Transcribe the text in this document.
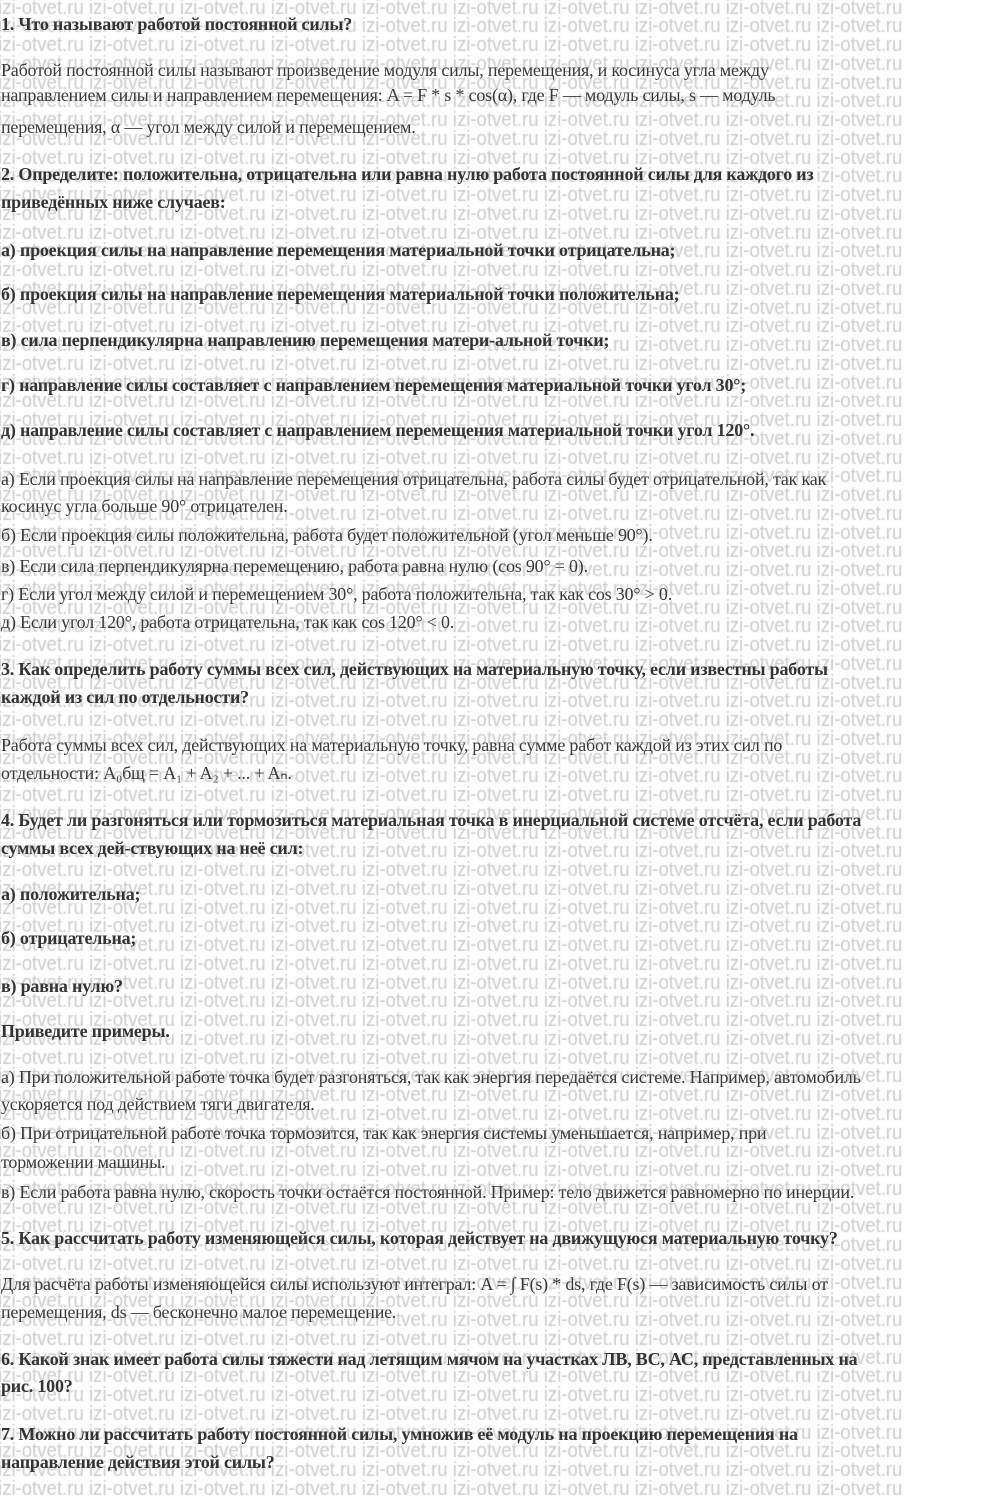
1. Что называют работой постоянной силы?
Работой постоянной силы называют произведение модуля силы, перемещения, и косинуса угла между
направлением силы и направлением перемещения: A = F * s * cos(α), где F — модуль силы, s — модуль
перемещения, α — угол между силой и перемещением.
2. Определите: положительна, отрицательна или равна нулю работа постоянной силы для каждого из
приведённых ниже случаев:
а) проекция силы на направление перемещения материальной точки отрицательна;
б) проекция силы на направление перемещения материальной точки положительна;
в) сила перпендикулярна направлению перемещения матери-альной точки;
г) направление силы составляет с направлением перемещения материальной точки угол 30°;
д) направление силы составляет с направлением перемещения материальной точки угол 120°.
а) Если проекция силы на направление перемещения отрицательна, работа силы будет отрицательной, так как
косинус угла больше 90° отрицателен.
б) Если проекция силы положительна, работа будет положительной (угол меньше 90°).
в) Если сила перпендикулярна перемещению, работа равна нулю (cos 90° = 0).
г) Если угол между силой и перемещением 30°, работа положительна, так как cos 30° > 0.
д) Если угол 120°, работа отрицательна, так как cos 120° < 0.
3. Как определить работу суммы всех сил, действующих на материальную точку, если известны работы
каждой из сил по отдельности?
Работа суммы всех сил, действующих на материальную точку, равна сумме работ каждой из этих сил по
отдельности: A₀бщ = A₁ + A₂ + ... + Aₙ.
4. Будет ли разгоняться или тормозиться материальная точка в инерциальной системе отсчёта, если работа
суммы всех дей-ствующих на неё сил:
а) положительна;
б) отрицательна;
в) равна нулю?
Приведите примеры.
а) При положительной работе точка будет разгоняться, так как энергия передаётся системе. Например, автомобиль
ускоряется под действием тяги двигателя.
б) При отрицательной работе точка тормозится, так как энергия системы уменьшается, например, при
торможении машины.
в) Если работа равна нулю, скорость точки остаётся постоянной. Пример: тело движется равномерно по инерции.
5. Как рассчитать работу изменяющейся силы, которая действует на движущуюся материальную точку?
Для расчёта работы изменяющейся силы используют интеграл: A = ∫ F(s) * ds, где F(s) — зависимость силы от
перемещения, ds — бесконечно малое перемещение.
6. Какой знак имеет работа силы тяжести над летящим мячом на участках ЛВ, ВС, АС, представленных на
рис. 100?
7. Можно ли рассчитать работу постоянной силы, умножив её модуль на проекцию перемещения на
направление действия этой силы?
